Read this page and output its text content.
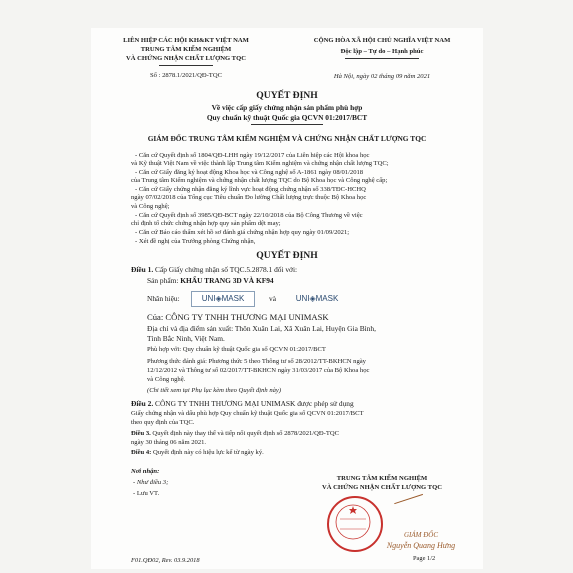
LIÊN HIỆP CÁC HỘI KH&KT VIỆT NAM
TRUNG TÂM KIỂM NGHIỆM
VÀ CHỨNG NHẬN CHẤT LƯỢNG TQC
Số : 2878.1/2021/QĐ-TQC
CỘNG HÒA XÃ HỘI CHỦ NGHĨA VIỆT NAM
Độc lập – Tự do – Hạnh phúc
Hà Nội, ngày 02 tháng 09 năm 2021
QUYẾT ĐỊNH
Về việc cấp giấy chứng nhận sản phẩm phù hợp
Quy chuẩn kỹ thuật Quốc gia QCVN 01:2017/BCT
GIÁM ĐỐC TRUNG TÂM KIỂM NGHIỆM VÀ CHỨNG NHẬN CHẤT LƯỢNG TQC
- Căn cứ Quyết định số 1804/QĐ-LHH ngày 19/12/2017 của Liên hiệp các Hội khoa học
và Kỹ thuật Việt Nam về việc thành lập Trung tâm Kiểm nghiệm và chứng nhận chất lượng TQC;
- Căn cứ Giấy đăng ký hoạt động Khoa học và Công nghệ số A-1861 ngày 08/01/2018
của Trung tâm Kiểm nghiệm và chứng nhận chất lượng TQC do Bộ Khoa học và Công nghệ cấp;
- Căn cứ Giấy chứng nhận đăng ký lĩnh vực hoạt động chứng nhận số 338/TĐC-HCHQ
ngày 07/02/2018 của Tổng cục Tiêu chuẩn Đo lường Chất lượng trực thuộc Bộ Khoa học
và Công nghệ;
- Căn cứ Quyết định số 3985/QĐ-BCT ngày 22/10/2018 của Bộ Công Thương về việc
chỉ định tổ chức chứng nhận hợp quy sản phẩm dệt may;
- Căn cứ Báo cáo thẩm xét hồ sơ đánh giá chứng nhận hợp quy ngày 01/09/2021;
- Xét đề nghị của Trưởng phòng Chứng nhận,
QUYẾT ĐỊNH
Điều 1. Cấp Giấy chứng nhận số TQC.5.2878.1 đối với:
Sản phẩm: KHẨU TRANG 3D VÀ KF94
Nhãn hiệu:	UNI◈MASK	và	UNI◈MASK
Của: CÔNG TY TNHH THƯƠNG MẠI UNIMASK
Địa chỉ và địa điểm sản xuất: Thôn Xuân Lai, Xã Xuân Lai, Huyện Gia Bình,
Tỉnh Bắc Ninh, Việt Nam.
Phù hợp với: Quy chuẩn kỹ thuật Quốc gia số QCVN 01:2017/BCT
Phương thức đánh giá: Phương thức 5 theo Thông tư số 28/2012/TT-BKHCN ngày
12/12/2012 và Thông tư số 02/2017/TT-BKHCN ngày 31/03/2017 của Bộ Khoa học
và Công nghệ.
(Chi tiết xem tại Phụ lục kèm theo Quyết định này)
Điều 2. CÔNG TY TNHH THƯƠNG MẠI UNIMASK được phép sử dụng
Giấy chứng nhận và dấu phù hợp Quy chuẩn kỹ thuật Quốc gia số QCVN 01:2017/BCT
theo quy định của TQC.
Điều 3. Quyết định này thay thế và tiếp nối quyết định số 2878/2021/QĐ-TQC
ngày 30 tháng 06 năm 2021.
Điều 4: Quyết định này có hiệu lực kể từ ngày ký.
Nơi nhận:
- Như điều 3;
- Lưu VT.
TRUNG TÂM KIỂM NGHIỆM
VÀ CHỨNG NHẬN CHẤT LƯỢNG TQC
GIÁM ĐỐC
Nguyễn Quang Hưng
F01.QĐ02, Rev. 03.9.2018	Page 1/2
